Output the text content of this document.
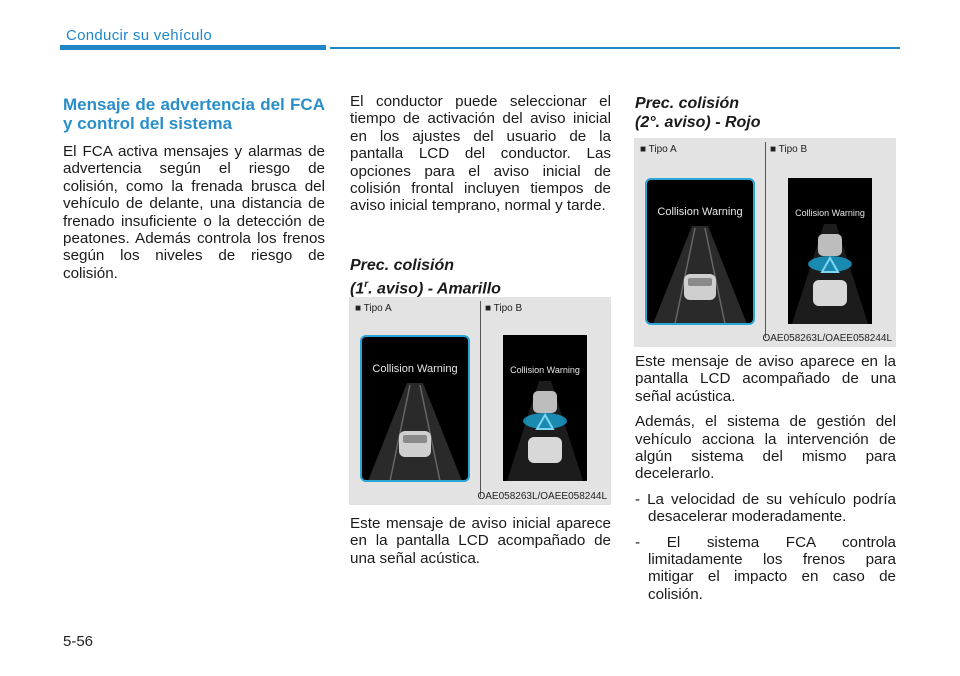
Conducir su vehículo
Mensaje de advertencia del FCA y control del sistema

El FCA activa mensajes y alarmas de advertencia según el riesgo de colisión, como la frenada brusca del vehículo de delante, una distancia de frenado insuficiente o la detección de peatones. Además controla los frenos según los niveles de riesgo de colisión.

El conductor puede seleccionar el tiempo de activación del aviso inicial en los ajustes del usuario de la pantalla LCD del conductor. Las opciones para el aviso inicial de colisión frontal incluyen tiempos de aviso inicial temprano, normal y tarde.

Prec. colisión
(1$^r$. aviso) - Amarillo
■ Tipo A	■ Tipo B
Collision Warning	Collision Warning
OAE058263L/OAEE058244L

Este mensaje de aviso inicial aparece en la pantalla LCD acompañado de una señal acústica.

Prec. colisión
(2°. aviso) - Rojo
■ Tipo A	■ Tipo B
Collision Warning	Collision Warning
OAE058263L/OAEE058244L

Este mensaje de aviso aparece en la pantalla LCD acompañado de una señal acústica.

Además, el sistema de gestión del vehículo acciona la intervención de algún sistema del mismo para decelerarlo.

- La velocidad de su vehículo podría desacelerar moderadamente.
- El sistema FCA controla limitadamente los frenos para mitigar el impacto en caso de colisión.
5-56
